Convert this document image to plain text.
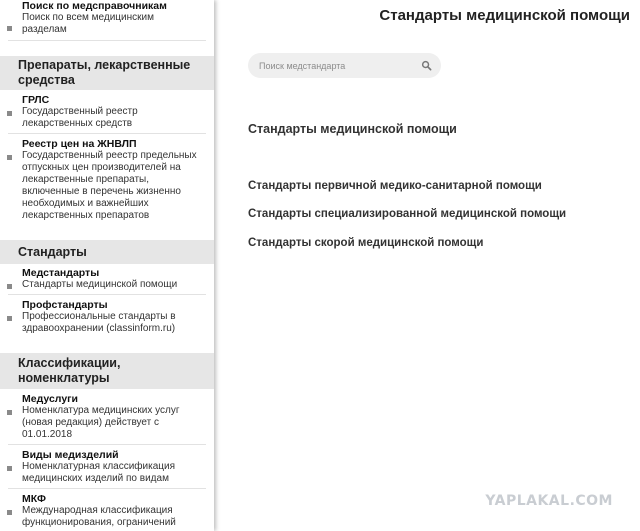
Поиск по медсправочникам
Поиск по всем медицинским
разделам
Препараты, лекарственные
средства
ГРЛС
Государственный реестр
лекарственных средств
Реестр цен на ЖНВЛП
Государственный реестр предельных
отпускных цен производителей на
лекарственные препараты,
включенные в перечень жизненно
необходимых и важнейших
лекарственных препаратов
Стандарты
Медстандарты
Стандарты медицинской помощи
Профстандарты
Профессиональные стандарты в
здравоохранении (classinform.ru)
Классификации,
номенклатуры
Медуслуги
Номенклатура медицинских услуг
(новая редакция) действует с
01.01.2018
Виды медизделий
Номенклатурная классификация
медицинских изделий по видам
МКФ
Международная классификация
функционирования, ограничений
Стандарты медицинской помощи
Поиск медстандарта
Стандарты медицинской помощи
Стандарты первичной медико-санитарной помощи
Стандарты специализированной медицинской помощи
Стандарты скорой медицинской помощи
YAPLAKAL.COM
